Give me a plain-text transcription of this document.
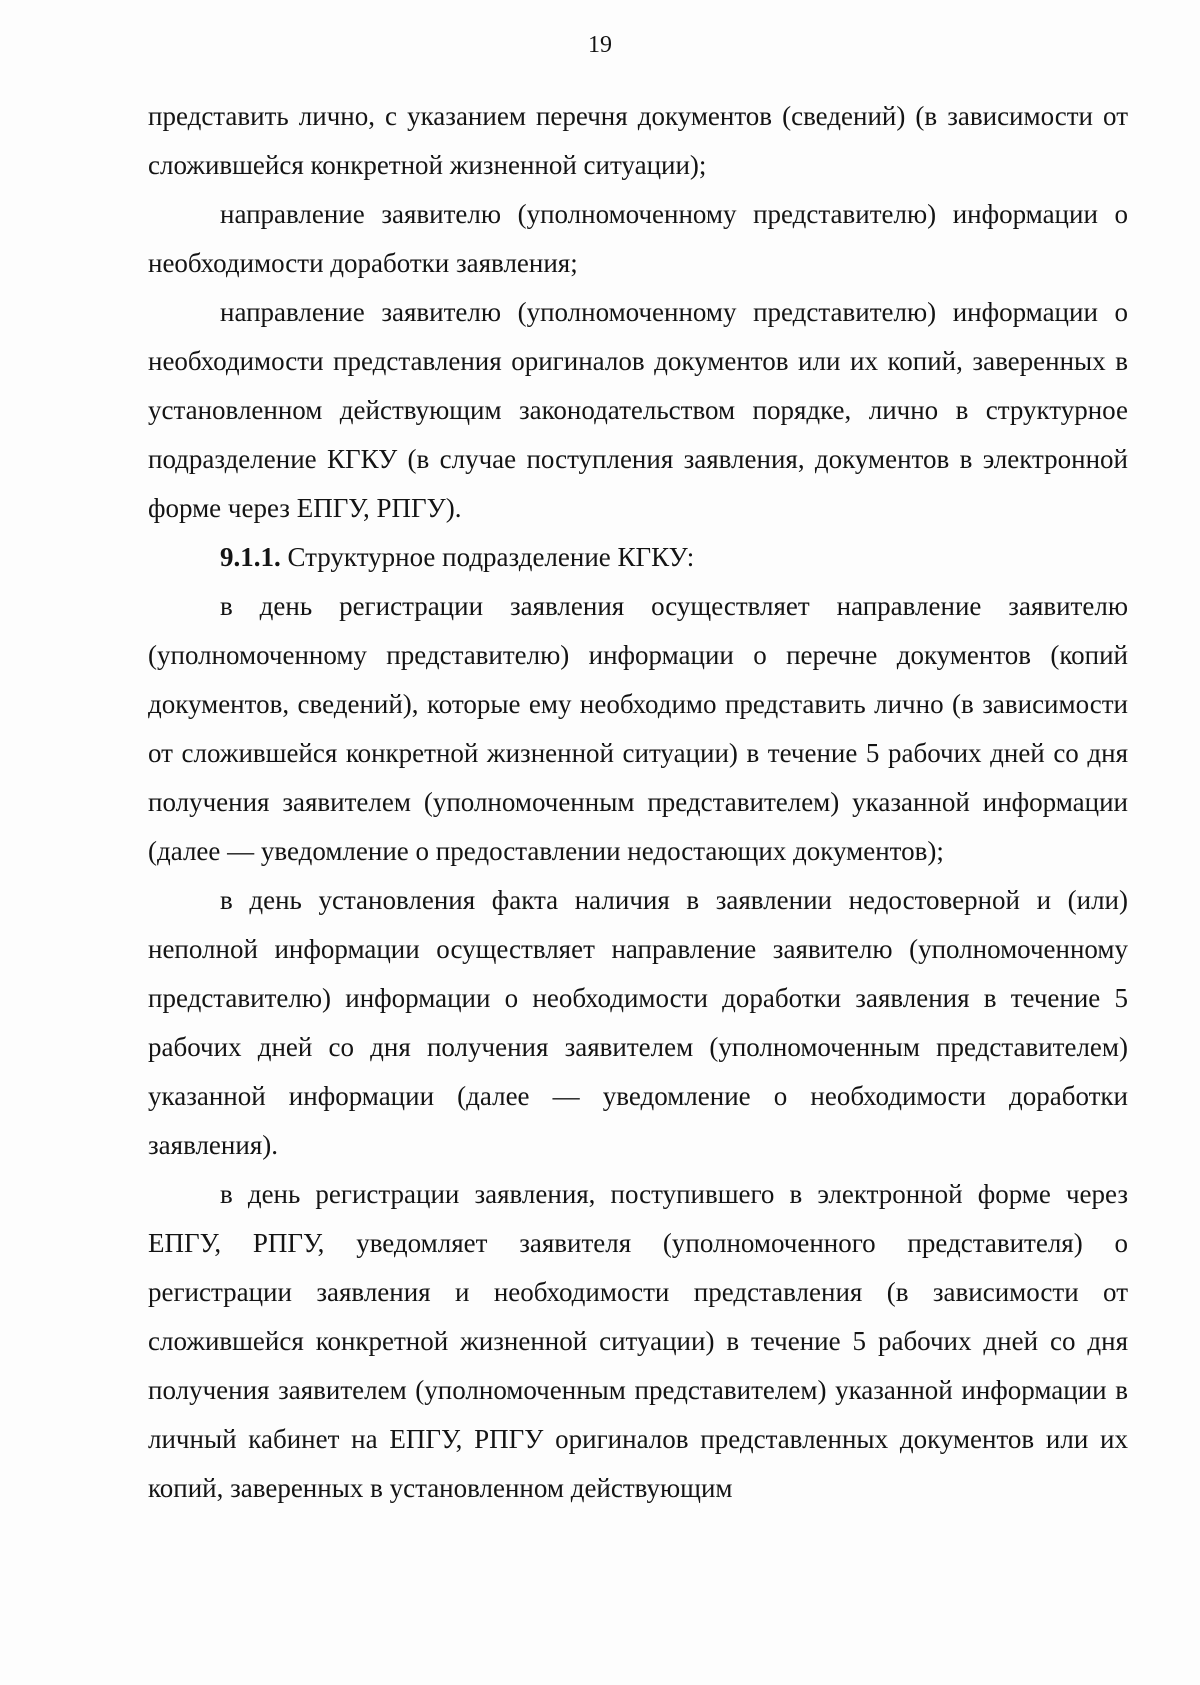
19

представить лично, с указанием перечня документов (сведений) (в зависимости от сложившейся конкретной жизненной ситуации);

направление заявителю (уполномоченному представителю) информации о необходимости доработки заявления;

направление заявителю (уполномоченному представителю) информации о необходимости представления оригиналов документов или их копий, заверенных в установленном действующим законодательством порядке, лично в структурное подразделение КГКУ (в случае поступления заявления, документов в электронной форме через ЕПГУ, РПГУ).

9.1.1. Структурное подразделение КГКУ:

в день регистрации заявления осуществляет направление заявителю (уполномоченному представителю) информации о перечне документов (копий документов, сведений), которые ему необходимо представить лично (в зависимости от сложившейся конкретной жизненной ситуации) в течение 5 рабочих дней со дня получения заявителем (уполномоченным представителем) указанной информации (далее — уведомление о предоставлении недостающих документов);

в день установления факта наличия в заявлении недостоверной и (или) неполной информации осуществляет направление заявителю (уполномоченному представителю) информации о необходимости доработки заявления в течение 5 рабочих дней со дня получения заявителем (уполномоченным представителем) указанной информации (далее — уведомление о необходимости доработки заявления).

в день регистрации заявления, поступившего в электронной форме через ЕПГУ, РПГУ, уведомляет заявителя (уполномоченного представителя) о регистрации заявления и необходимости представления (в зависимости от сложившейся конкретной жизненной ситуации) в течение 5 рабочих дней со дня получения заявителем (уполномоченным представителем) указанной информации в личный кабинет на ЕПГУ, РПГУ оригиналов представленных документов или их копий, заверенных в установленном действующим
